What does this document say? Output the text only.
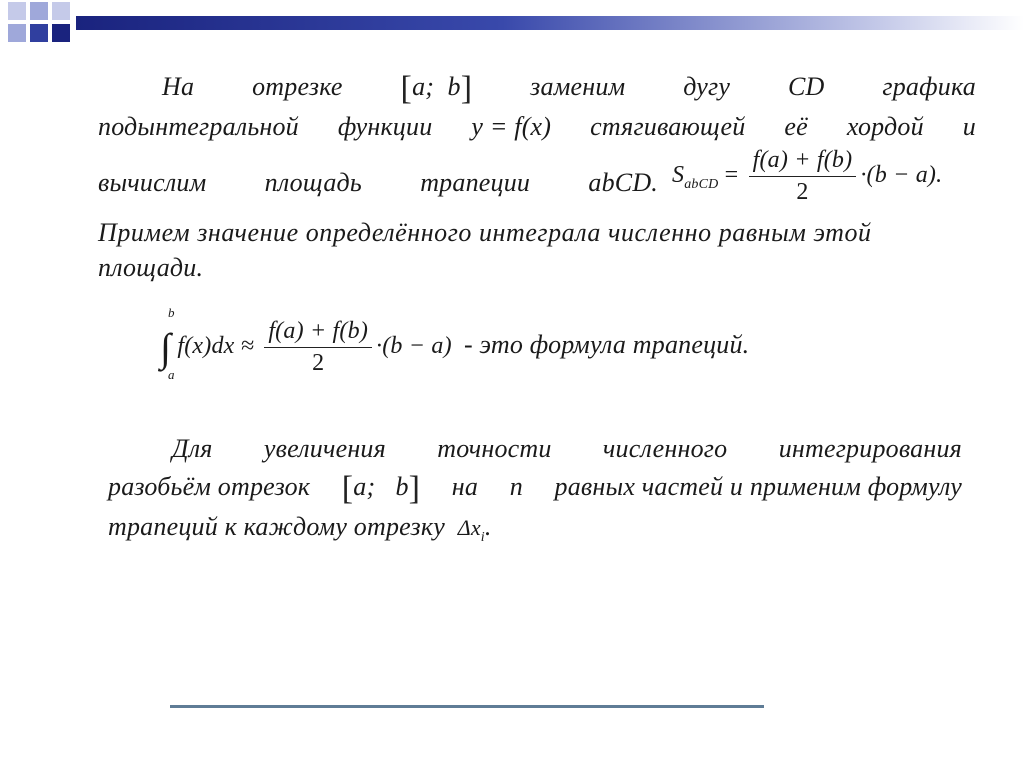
На отрезке [a; b] заменим дугу CD графика
подынтегральной функции y = f(x) стягивающей её хордой и
вычислим площадь трапеции abCD. $S_{abCD} = \frac{f(a) + f(b)}{2} \cdot(b - a)$.
Примем значение определённого интеграла численно равным этой
площади.
b
a
∫ $f(x)dx \approx \frac{f(a) + f(b)}{2} \cdot(b - a)$ - это формула трапеций.
Для увеличения точности численного интегрирования
разобьём отрезок [a; b] на n равных частей и применим формулу
трапеций к каждому отрезку $\Delta x_i$.
